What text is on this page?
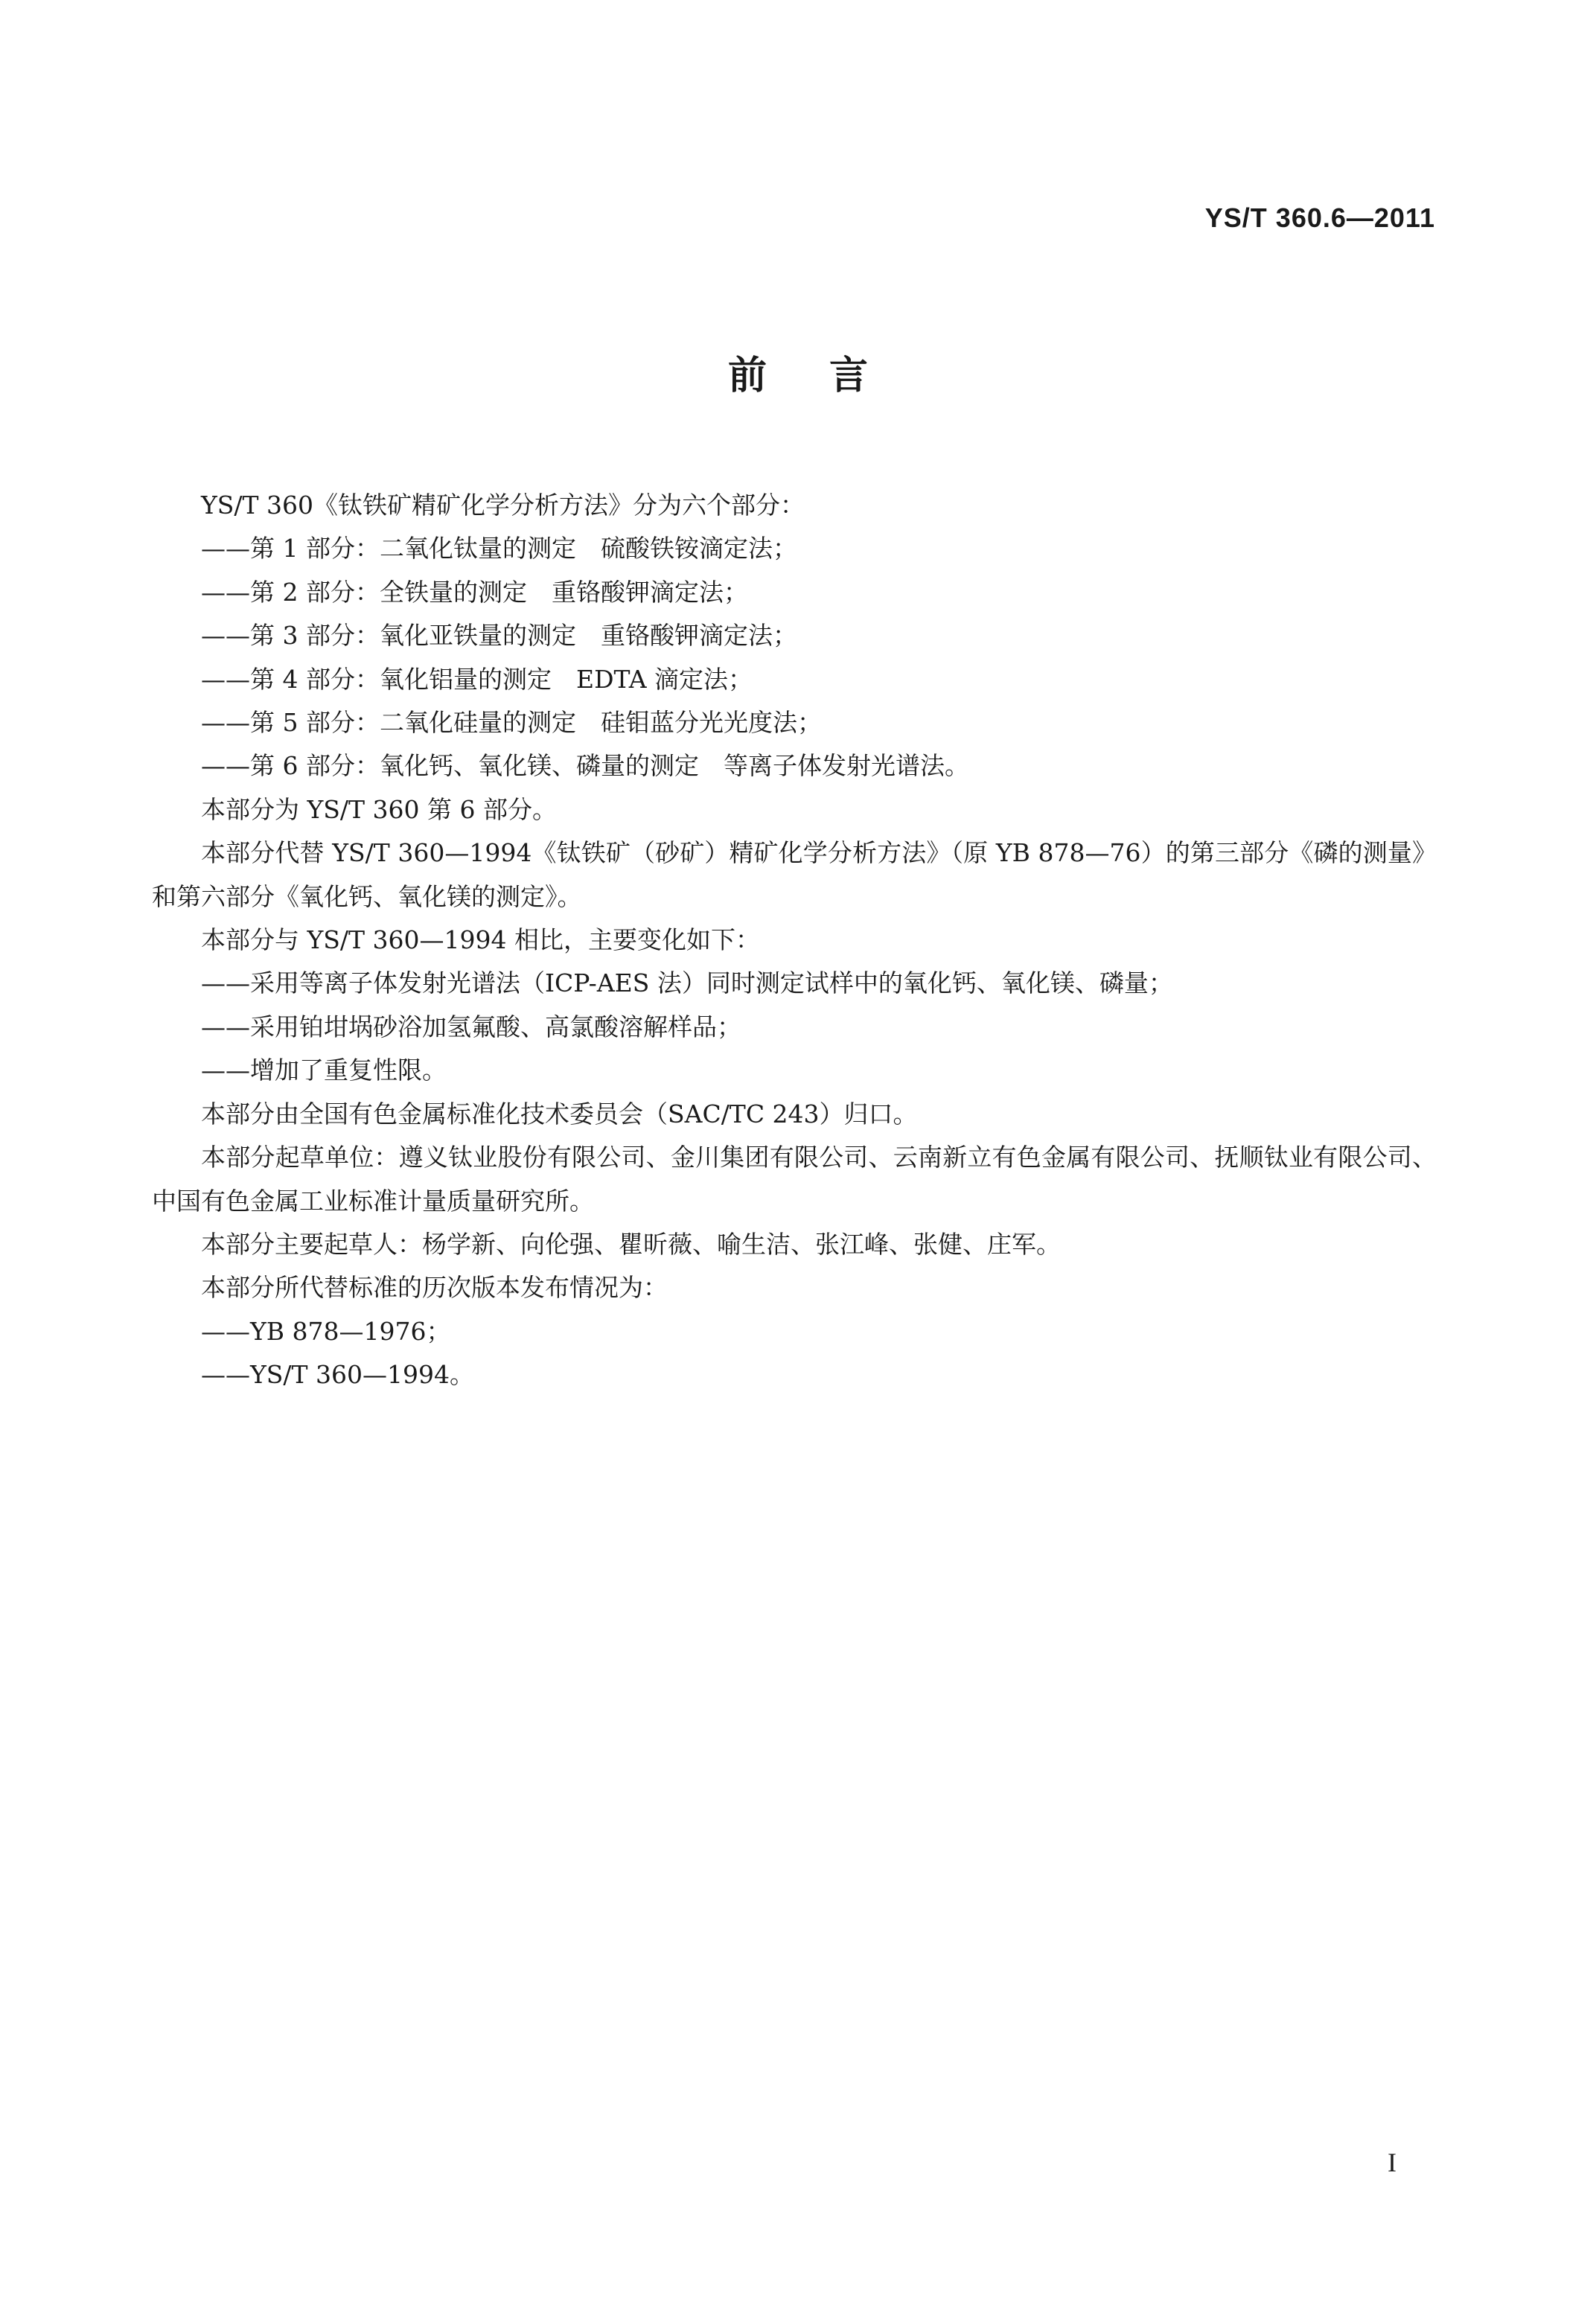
YS/T 360.6—2011
前言

YS/T 360《钛铁矿精矿化学分析方法》分为六个部分：

——第 1 部分：二氧化钛量的测定　硫酸铁铵滴定法；

——第 2 部分：全铁量的测定　重铬酸钾滴定法；

——第 3 部分：氧化亚铁量的测定　重铬酸钾滴定法；

——第 4 部分：氧化铝量的测定　EDTA 滴定法；

——第 5 部分：二氧化硅量的测定　硅钼蓝分光光度法；

——第 6 部分：氧化钙、氧化镁、磷量的测定　等离子体发射光谱法。

本部分为 YS/T 360 第 6 部分。

本部分代替 YS/T 360—1994《钛铁矿（砂矿）精矿化学分析方法》（原 YB 878—76）的第三部分《磷的测量》和第六部分《氧化钙、氧化镁的测定》。

本部分与 YS/T 360—1994 相比，主要变化如下：

——采用等离子体发射光谱法（ICP-AES 法）同时测定试样中的氧化钙、氧化镁、磷量；

——采用铂坩埚砂浴加氢氟酸、高氯酸溶解样品；

——增加了重复性限。

本部分由全国有色金属标准化技术委员会（SAC/TC 243）归口。

本部分起草单位：遵义钛业股份有限公司、金川集团有限公司、云南新立有色金属有限公司、抚顺钛业有限公司、中国有色金属工业标准计量质量研究所。

本部分主要起草人：杨学新、向伦强、瞿昕薇、喻生洁、张江峰、张健、庄军。

本部分所代替标准的历次版本发布情况为：

——YB 878—1976；

——YS/T 360—1994。

I
